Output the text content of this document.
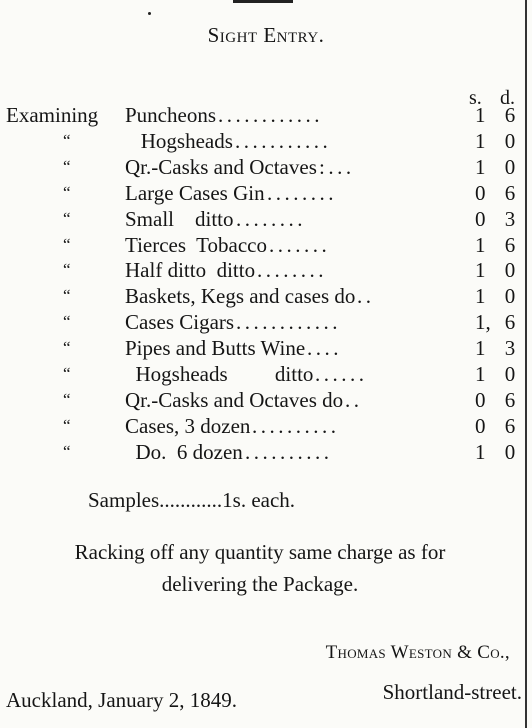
Sight Entry.
s. d.
Examining Puncheons ............	1 6
“	Hogsheads ...........	1 0
“	Qr.-Casks and Octaves :...	1 0
“	Large Cases Gin ........	0 6
“	Small    ditto ........	0 3
“	Tierces  Tobacco .......	1 6
“	Half ditto  ditto ........	1 0
“	Baskets, Kegs and cases do ..	1 0
“	Cases Cigars ............	1, 6
“	Pipes and Butts Wine ....	1 3
“	Hogsheads         ditto ......	1 0
“	Qr.-Casks and Octaves do ..	0 6
“	Cases, 3 dozen ..........	0 6
“	Do.  6 dozen ..........	1 0
Samples............1s. each.
Racking off any quantity same charge as for
delivering the Package.
Thomas Weston & Co.,
Shortland-street.
Auckland, January 2, 1849.
